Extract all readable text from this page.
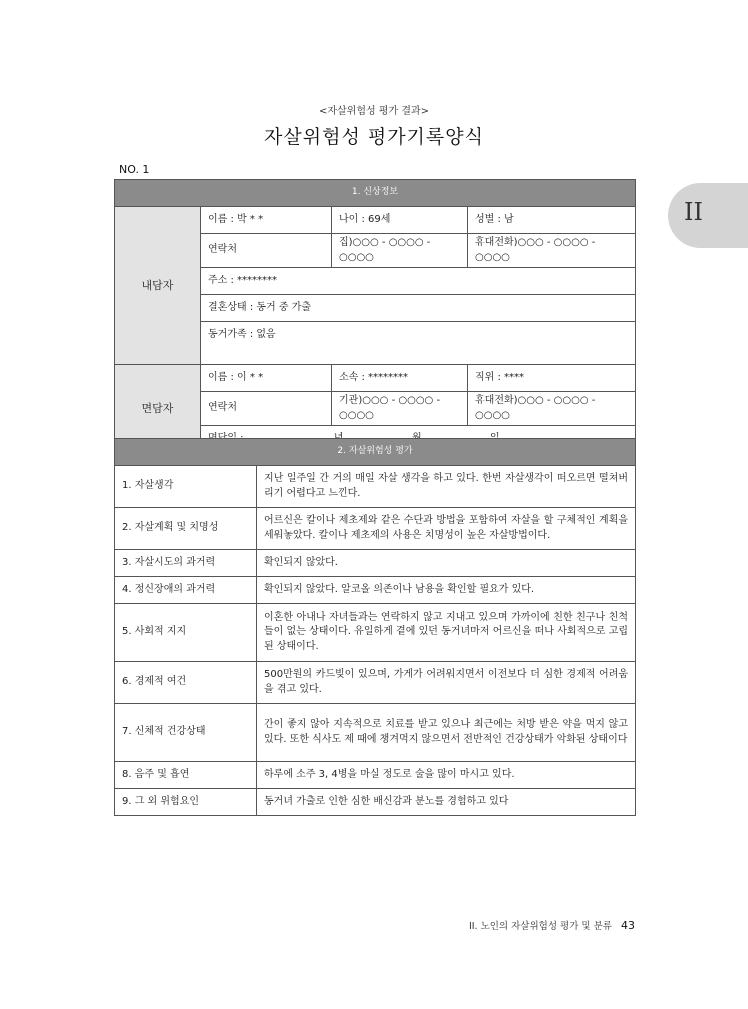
<자살위험성 평가 결과>
자살위험성 평가기록양식
NO. 1
II
1. 신상정보			
내담자	이름 : 박 * *	나이 : 69세	성별 : 남
	연락처	집)○○○ - ○○○○ - ○○○○	휴대전화)○○○ - ○○○○ - ○○○○
	주소 : ********		
	결혼상태 : 동거 중 가출		
	동거가족 : 없음		
면담자	이름 : 이 * *	소속 : ********	직위 : ****
	연락처	기관)○○○ - ○○○○ - ○○○○	휴대전화)○○○ - ○○○○ - ○○○○

2. 자살위험성 평가	
1. 자살생각	지난 일주일 간 거의 매일 자살 생각을 하고 있다. 한번 자살생각이 떠오르면 떨쳐버리기 어렵다고 느낀다.
2. 자살계획 및 치명성	어르신은 칼이나 제초제와 같은 수단과 방법을 포함하여 자살을 할 구체적인 계획을 세워놓았다. 칼이나 제초제의 사용은 치명성이 높은 자살방법이다.
3. 자살시도의 과거력	확인되지 않았다.
4. 정신장애의 과거력	확인되지 않았다. 알코올 의존이나 남용을 확인할 필요가 있다.
5. 사회적 지지	이혼한 아내나 자녀들과는 연락하지 않고 지내고 있으며 가까이에 친한 친구나 친척들이 없는 상태이다. 유일하게 곁에 있던 동거녀마저 어르신을 떠나 사회적으로 고립된 상태이다.
6. 경제적 여건	500만원의 카드빚이 있으며, 가게가 어려워지면서 이전보다 더 심한 경제적 어려움을 겪고 있다.
7. 신체적 건강상태	간이 좋지 않아 지속적으로 치료를 받고 있으나 최근에는 처방 받은 약을 먹지 않고 있다. 또한 식사도 제 때에 챙겨먹지 않으면서 전반적인 건강상태가 악화된 상태이다
8. 음주 및 흡연	하루에 소주 3, 4병을 마실 정도로 술을 많이 마시고 있다.
9. 그 외 위험요인	동거녀 가출로 인한 심한 배신감과 분노를 경험하고 있다
II. 노인의 자살위험성 평가 및 분류 43
